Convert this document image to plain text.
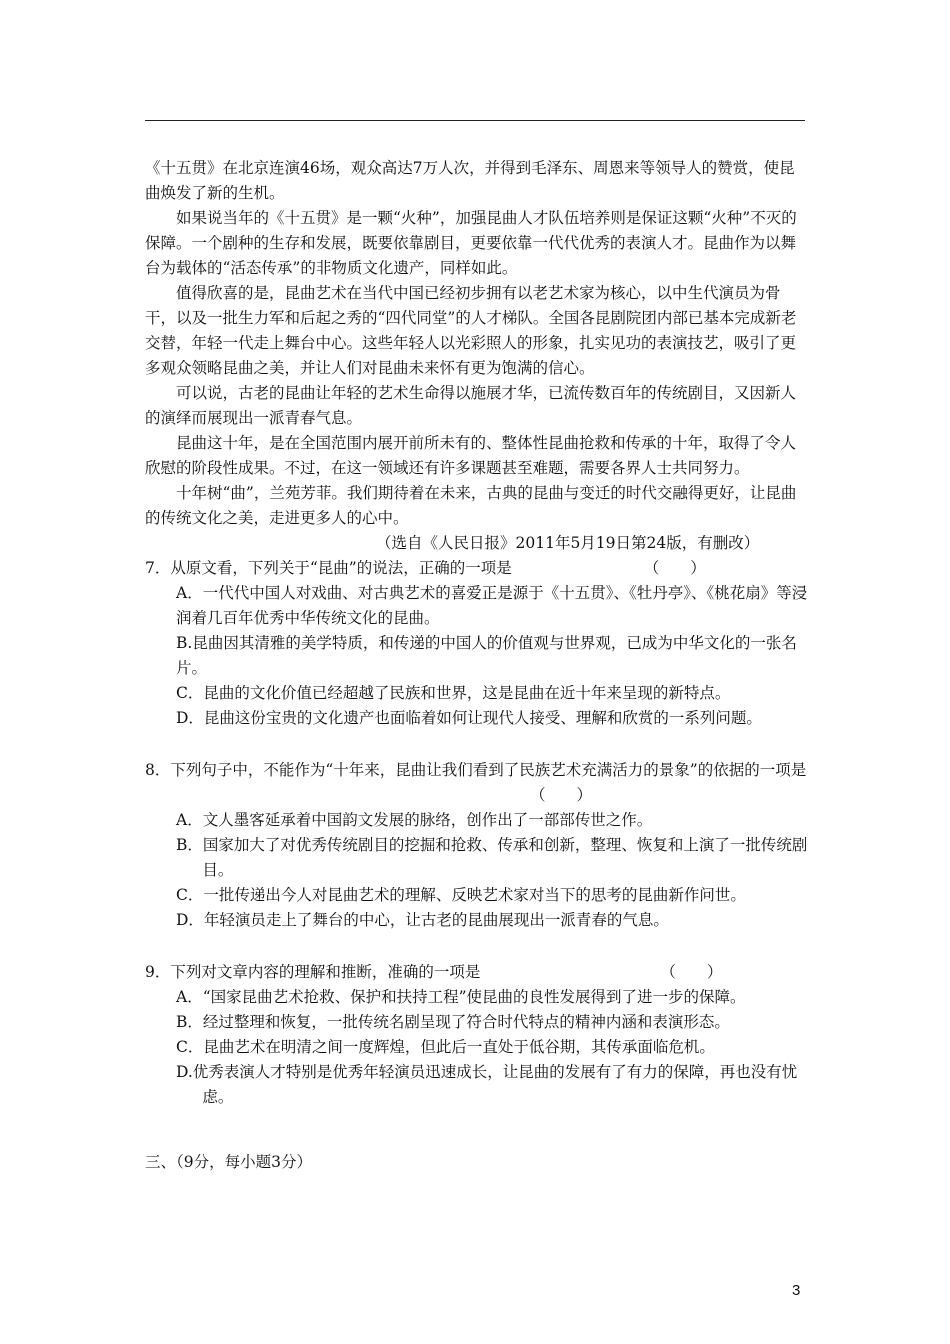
《十五贯》在北京连演46场，观众高达7万人次，并得到毛泽东、周恩来等领导人的赞赏，使昆曲焕发了新的生机。

如果说当年的《十五贯》是一颗“火种”，加强昆曲人才队伍培养则是保证这颗“火种”不灭的保障。一个剧种的生存和发展，既要依靠剧目，更要依靠一代代优秀的表演人才。昆曲作为以舞台为载体的“活态传承”的非物质文化遗产，同样如此。

值得欣喜的是，昆曲艺术在当代中国已经初步拥有以老艺术家为核心，以中生代演员为骨干，以及一批生力军和后起之秀的“四代同堂”的人才梯队。全国各昆剧院团内部已基本完成新老交替，年轻一代走上舞台中心。这些年轻人以光彩照人的形象，扎实见功的表演技艺，吸引了更多观众领略昆曲之美，并让人们对昆曲未来怀有更为饱满的信心。

可以说，古老的昆曲让年轻的艺术生命得以施展才华，已流传数百年的传统剧目，又因新人的演绎而展现出一派青春气息。

昆曲这十年，是在全国范围内展开前所未有的、整体性昆曲抢救和传承的十年，取得了令人欣慰的阶段性成果。不过，在这一领域还有许多课题甚至难题，需要各界人士共同努力。

十年树“曲”，兰苑芳菲。我们期待着在未来，古典的昆曲与变迁的时代交融得更好，让昆曲的传统文化之美，走进更多人的心中。

（选自《人民日报》2011年5月19日第24版，有删改）

7．从原文看，下列关于“昆曲”的说法，正确的一项是	（　　）

A．一代代中国人对戏曲、对古典艺术的喜爱正是源于《十五贯》、《牡丹亭》、《桃花扇》等浸润着几百年优秀中华传统文化的昆曲。

B.昆曲因其清雅的美学特质，和传递的中国人的价值观与世界观，已成为中华文化的一张名片。

C．昆曲的文化价值已经超越了民族和世界，这是昆曲在近十年来呈现的新特点。

D．昆曲这份宝贵的文化遗产也面临着如何让现代人接受、理解和欣赏的一系列问题。

8．下列句子中，不能作为“十年来，昆曲让我们看到了民族艺术充满活力的景象”的依据的一项是（　　）

A．文人墨客延承着中国韵文发展的脉络，创作出了一部部传世之作。

B．国家加大了对优秀传统剧目的挖掘和抢救、传承和创新，整理、恢复和上演了一批传统剧目。

C．一批传递出今人对昆曲艺术的理解、反映艺术家对当下的思考的昆曲新作问世。

D．年轻演员走上了舞台的中心，让古老的昆曲展现出一派青春的气息。

9．下列对文章内容的理解和推断，准确的一项是	（　　）

A．“国家昆曲艺术抢救、保护和扶持工程”使昆曲的良性发展得到了进一步的保障。

B．经过整理和恢复，一批传统名剧呈现了符合时代特点的精神内涵和表演形态。

C．昆曲艺术在明清之间一度辉煌，但此后一直处于低谷期，其传承面临危机。

D.优秀表演人才特别是优秀年轻演员迅速成长，让昆曲的发展有了有力的保障，再也没有忧虑。

三、（9分，每小题3分）

3
